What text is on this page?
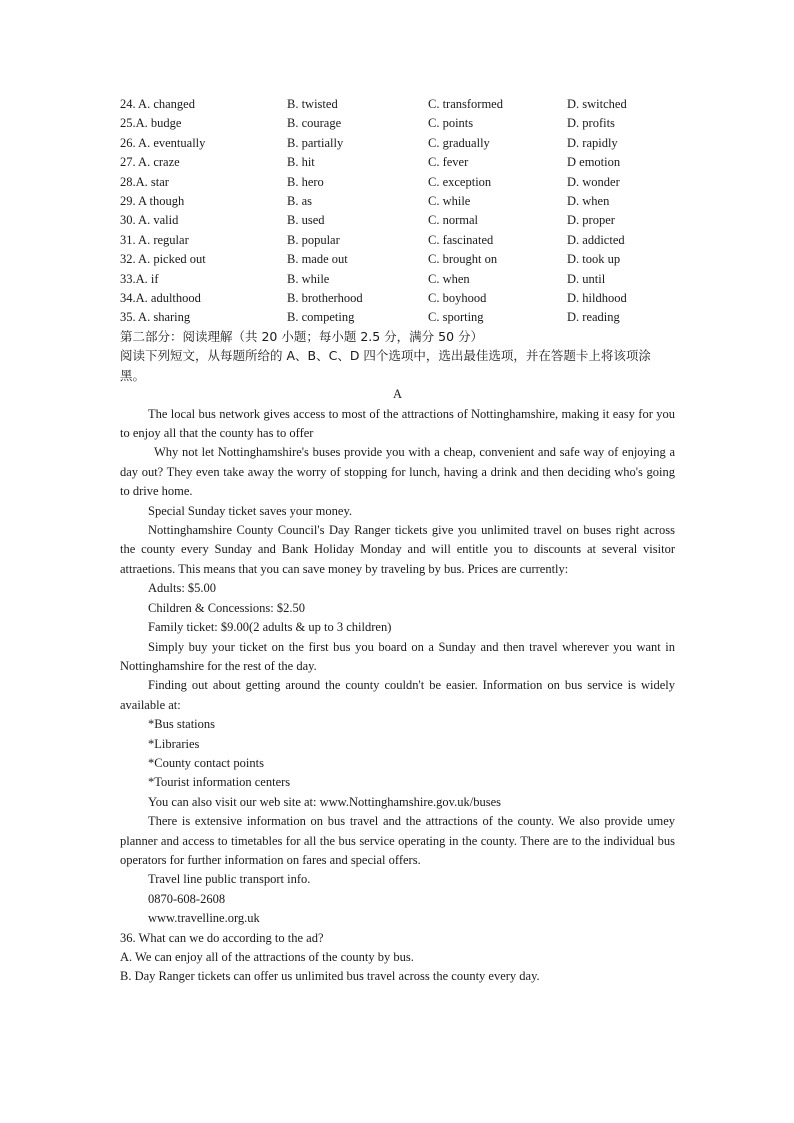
24. A. changed	B. twisted	C. transformed	D. switched
25.A. budge	B. courage	C. points	D. profits
26. A. eventually	B. partially	C. gradually	D. rapidly
27. A. craze	B. hit	C. fever	D emotion
28.A. star	B. hero	C. exception	D. wonder
29. A though	B. as	C. while	D. when
30. A. valid	B. used	C. normal	D. proper
31. A. regular	B. popular	C. fascinated	D. addicted
32. A. picked out	B. made out	C. brought on	D. took up
33.A. if	B. while	C. when	D. until
34.A. adulthood	B. brotherhood	C. boyhood	D. hildhood
35. A. sharing	B. competing	C. sporting	D. reading

第二部分：阅读理解（共 20 小题；每小题 2.5 分，满分 50 分）

阅读下列短文，从每题所给的 A、B、C、D 四个选项中，选出最佳选项，并在答题卡上将该项涂黑。

A

The local bus network gives access to most of the attractions of Nottinghamshire, making it easy for you to enjoy all that the county has to offer

Why not let Nottinghamshire's buses provide you with a cheap, convenient and safe way of enjoying a day out? They even take away the worry of stopping for lunch, having a drink and then deciding who's going to drive home.

Special Sunday ticket saves your money.

Nottinghamshire County Council's Day Ranger tickets give you unlimited travel on buses right across the county every Sunday and Bank Holiday Monday and will entitle you to discounts at several visitor attraetions. This means that you can save money by traveling by bus. Prices are currently:

Adults: $5.00

Children & Concessions: $2.50

Family ticket: $9.00(2 adults & up to 3 children)

Simply buy your ticket on the first bus you board on a Sunday and then travel wherever you want in Nottinghamshire for the rest of the day.

Finding out about getting around the county couldn't be easier. Information on bus service is widely available at:

*Bus stations

*Libraries

*County contact points

*Tourist information centers

You can also visit our web site at: www.Nottinghamshire.gov.uk/buses

There is extensive information on bus travel and the attractions of the county. We also provide umey planner and access to timetables for all the bus service operating in the county. There are to the individual bus operators for further information on fares and special offers.

Travel line public transport info.

0870-608-2608

www.travelline.org.uk

36. What can we do according to the ad?

A. We can enjoy all of the attractions of the county by bus.

B. Day Ranger tickets can offer us unlimited bus travel across the county every day.
